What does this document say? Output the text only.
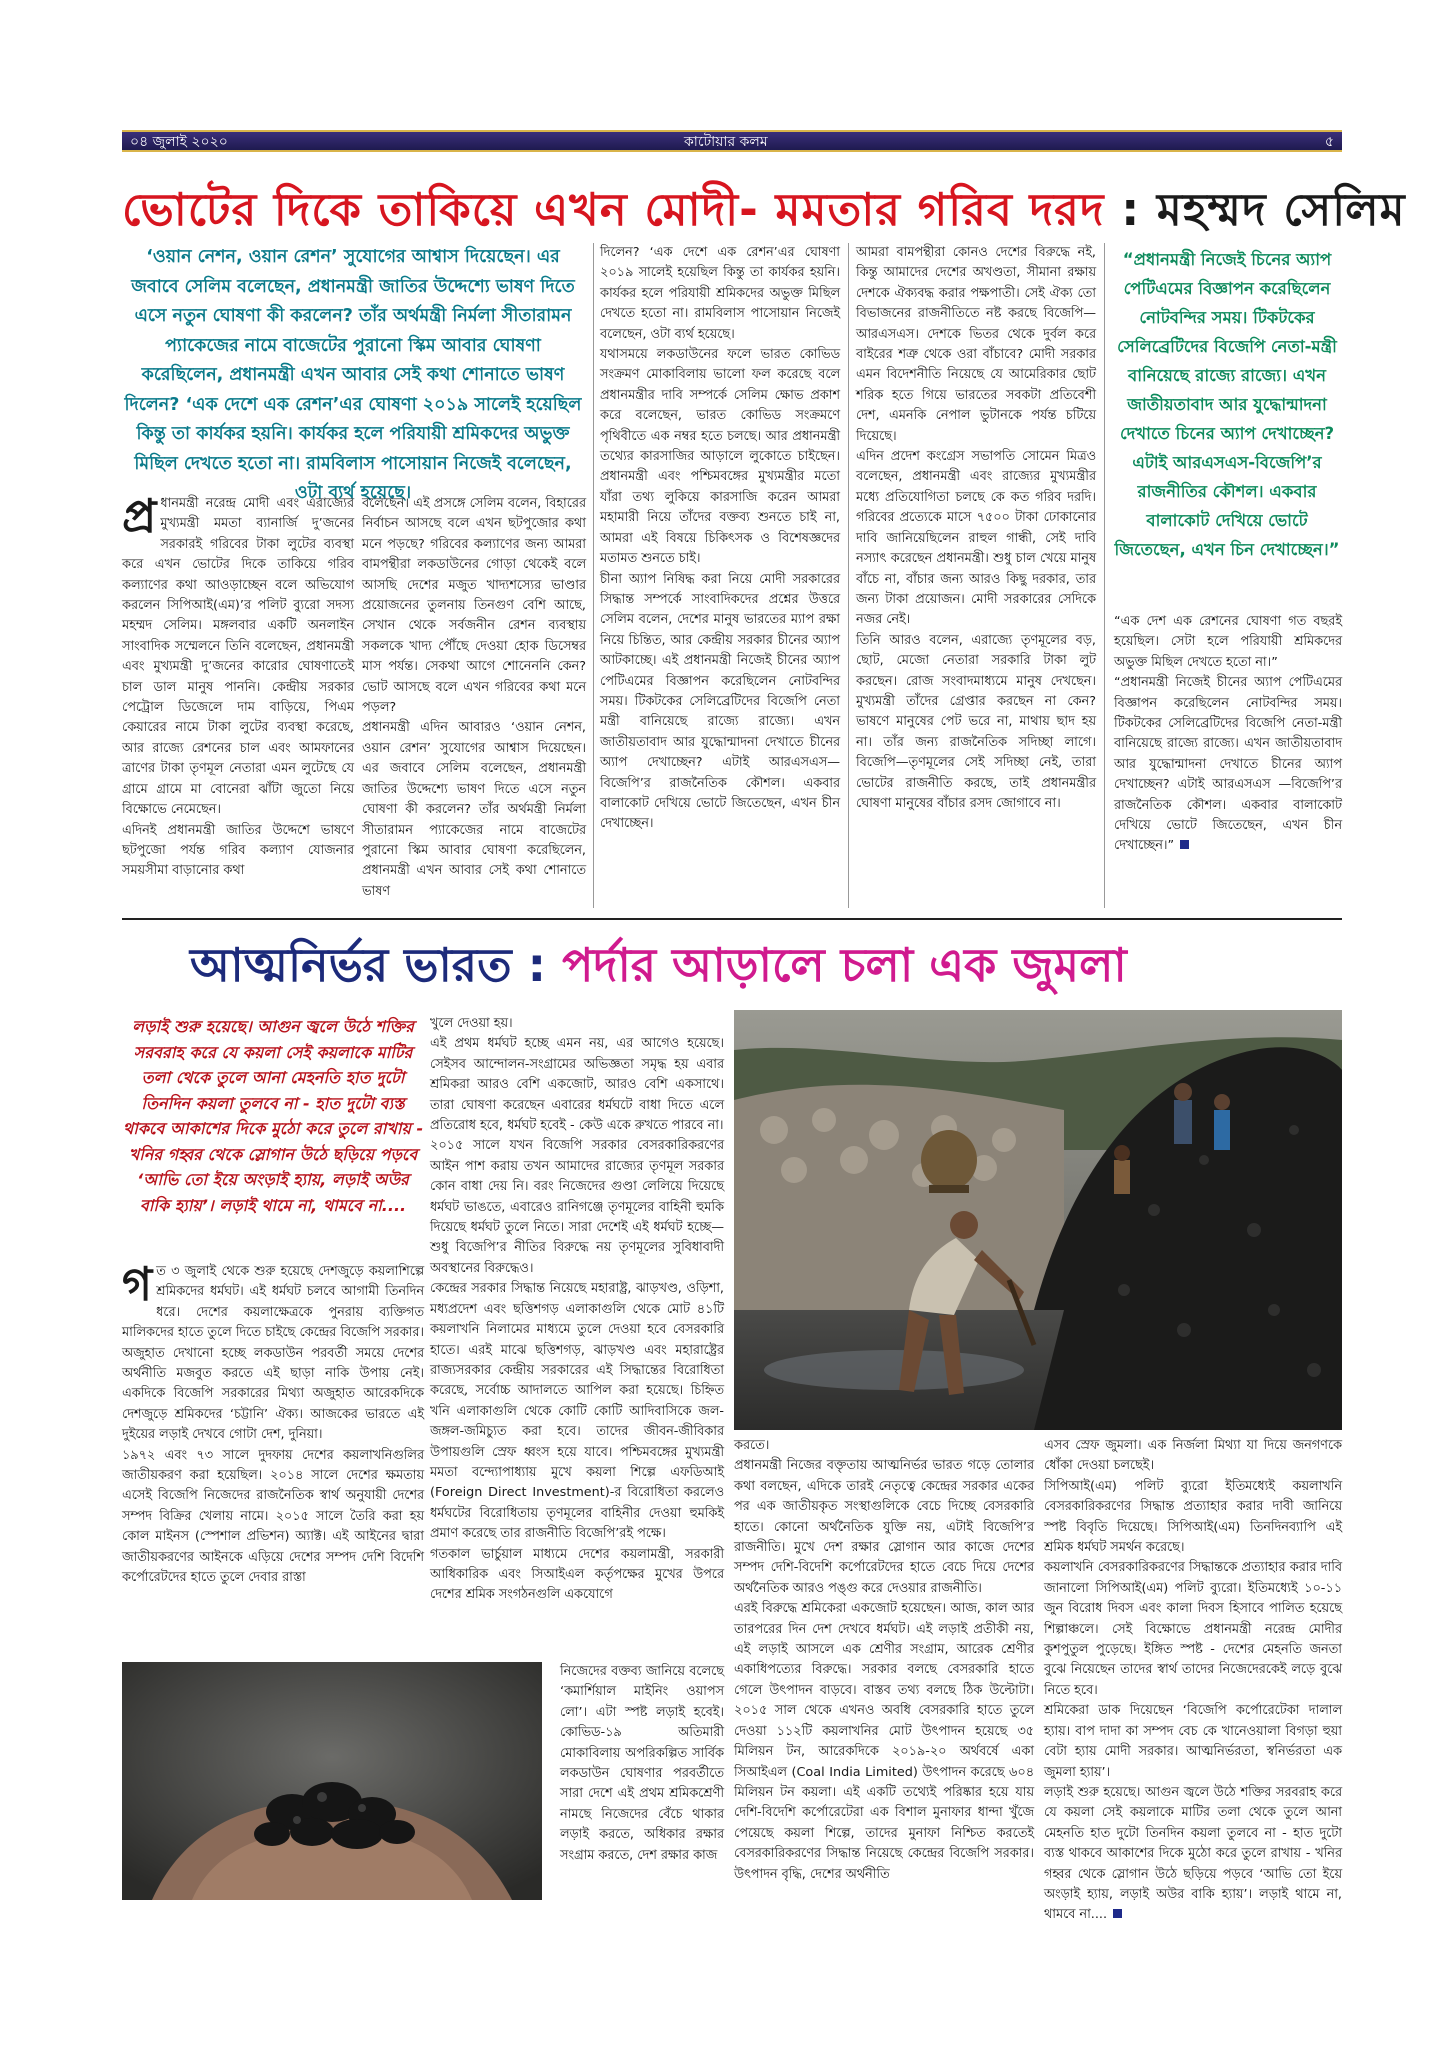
০৪ জুলাই ২০২০	কাটোয়ার কলম	৫
ভোটের দিকে তাকিয়ে এখন মোদী- মমতার গরিব দরদ : মহম্মদ সেলিম
‘ওয়ান নেশন, ওয়ান রেশন’ সুযোগের আশ্বাস দিয়েছেন। এর জবাবে সেলিম বলেছেন, প্রধানমন্ত্রী জাতির উদ্দেশ্যে ভাষণ দিতে এসে নতুন ঘোষণা কী করলেন? তাঁর অর্থমন্ত্রী নির্মলা সীতারামন প্যাকেজের নামে বাজেটের পুরানো স্কিম আবার ঘোষণা করেছিলেন, প্রধানমন্ত্রী এখন আবার সেই কথা শোনাতে ভাষণ দিলেন? ‘এক দেশে এক রেশন’এর ঘোষণা ২০১৯ সালেই হয়েছিল কিন্তু তা কার্যকর হয়নি। কার্যকর হলে পরিযায়ী শ্রমিকদের অভুক্ত মিছিল দেখতে হতো না। রামবিলাস পাসোয়ান নিজেই বলেছেন, ওটা ব্যর্থ হয়েছে।
প্র ধানমন্ত্রী নরেন্দ্র মোদী এবং এরাজ্যের মুখ্যমন্ত্রী মমতা ব্যানার্জি দু’জনের সরকারই গরিবের টাকা লুটের ব্যবস্থা করে এখন ভোটের দিকে তাকিয়ে গরিব কল্যাণের কথা আওড়াচ্ছেন বলে অভিযোগ করলেন সিপিআই(এম)’র পলিট ব্যুরো সদস্য মহম্মদ সেলিম। মঙ্গলবার একটি অনলাইন সাংবাদিক সম্মেলনে তিনি বলেছেন, প্রধানমন্ত্রী এবং মুখ্যমন্ত্রী দু’জনের কারোর ঘোষণাতেই চাল ডাল মানুষ পাননি। কেন্দ্রীয় সরকার পেট্রোল ডিজেলে দাম বাড়িয়ে, পিএম কেয়ারের নামে টাকা লুটের ব্যবস্থা করেছে, আর রাজ্যে রেশনের চাল এবং আমফানের ত্রাণের টাকা তৃণমূল নেতারা এমন লুটেছে যে গ্রামে গ্রামে মা বোনেরা ঝাঁটা জুতো নিয়ে বিক্ষোভে নেমেছেন।
এদিনই প্রধানমন্ত্রী জাতির উদ্দেশে ভাষণে ছটপুজো পর্যন্ত গরিব কল্যাণ যোজনার সময়সীমা বাড়ানোর কথা
বলেছেন। এই প্রসঙ্গে সেলিম বলেন, বিহারের নির্বাচন আসছে বলে এখন ছটপুজোর কথা মনে পড়ছে? গরিবের কল্যাণের জন্য আমরা বামপন্থীরা লকডাউনের গোড়া থেকেই বলে আসছি দেশের মজুত খাদ্যশস্যের ভাণ্ডার প্রয়োজনের তুলনায় তিনগুণ বেশি আছে, সেখান থেকে সর্বজনীন রেশন ব্যবস্থায় সকলকে খাদ্য পৌঁছে দেওয়া হোক ডিসেম্বর মাস পর্যন্ত। সেকথা আগে শোনেননি কেন? ভোট আসছে বলে এখন গরিবের কথা মনে পড়ল?
প্রধানমন্ত্রী এদিন আবারও ‘ওয়ান নেশন, ওয়ান রেশন’ সুযোগের আশ্বাস দিয়েছেন। এর জবাবে সেলিম বলেছেন, প্রধানমন্ত্রী জাতির উদ্দেশ্যে ভাষণ দিতে এসে নতুন ঘোষণা কী করলেন? তাঁর অর্থমন্ত্রী নির্মলা সীতারামন প্যাকেজের নামে বাজেটের পুরানো স্কিম আবার ঘোষণা করেছিলেন, প্রধানমন্ত্রী এখন আবার সেই কথা শোনাতে ভাষণ
দিলেন? ‘এক দেশে এক রেশন’এর ঘোষণা ২০১৯ সালেই হয়েছিল কিন্তু তা কার্যকর হয়নি। কার্যকর হলে পরিযায়ী শ্রমিকদের অভুক্ত মিছিল দেখতে হতো না। রামবিলাস পাসোয়ান নিজেই বলেছেন, ওটা ব্যর্থ হয়েছে।
যথাসময়ে লকডাউনের ফলে ভারত কোভিড সংক্রমণ মোকাবিলায় ভালো ফল করেছে বলে প্রধানমন্ত্রীর দাবি সম্পর্কে সেলিম ক্ষোভ প্রকাশ করে বলেছেন, ভারত কোভিড সংক্রমণে পৃথিবীতে এক নম্বর হতে চলছে। আর প্রধানমন্ত্রী তথ্যের কারসাজির আড়ালে লুকোতে চাইছেন। প্রধানমন্ত্রী এবং পশ্চিমবঙ্গের মুখ্যমন্ত্রীর মতো যাঁরা তথ্য লুকিয়ে কারসাজি করেন আমরা মহামারী নিয়ে তাঁদের বক্তব্য শুনতে চাই না, আমরা এই বিষয়ে চিকিৎসক ও বিশেষজ্ঞদের মতামত শুনতে চাই।
চীনা অ্যাপ নিষিদ্ধ করা নিয়ে মোদী সরকারের সিদ্ধান্ত সম্পর্কে সাংবাদিকদের প্রশ্নের উত্তরে সেলিম বলেন, দেশের মানুষ ভারতের ম্যাপ রক্ষা নিয়ে চিন্তিত, আর কেন্দ্রীয় সরকার চীনের অ্যাপ আটকাচ্ছে। এই প্রধানমন্ত্রী নিজেই চীনের অ্যাপ পেটিএমের বিজ্ঞাপন করেছিলেন নোটবন্দির সময়। টিকটকের সেলিব্রেটিদের বিজেপি নেতা মন্ত্রী বানিয়েছে রাজ্যে রাজ্যে। এখন জাতীয়তাবাদ আর যুদ্ধোন্মাদনা দেখাতে চীনের অ্যাপ দেখাচ্ছেন? এটাই আরএসএস—বিজেপি’র রাজনৈতিক কৌশল। একবার বালাকোট দেখিয়ে ভোটে জিতেছেন, এখন চীন দেখাচ্ছেন।
আমরা বামপন্থীরা কোনও দেশের বিরুদ্ধে নই, কিন্তু আমাদের দেশের অখণ্ডতা, সীমানা রক্ষায় দেশকে ঐক্যবদ্ধ করার পক্ষপাতী। সেই ঐক্য তো বিভাজনের রাজনীতিতে নষ্ট করছে বিজেপি—আরএসএস। দেশকে ভিতর থেকে দুর্বল করে বাইরের শত্রু থেকে ওরা বাঁচাবে? মোদী সরকার এমন বিদেশনীতি নিয়েছে যে আমেরিকার ছোট শরিক হতে গিয়ে ভারতের সবকটা প্রতিবেশী দেশ, এমনকি নেপাল ভুটানকে পর্যন্ত চটিয়ে দিয়েছে।
এদিন প্রদেশ কংগ্রেস সভাপতি সোমেন মিত্রও বলেছেন, প্রধানমন্ত্রী এবং রাজ্যের মুখ্যমন্ত্রীর মধ্যে প্রতিযোগিতা চলছে কে কত গরিব দরদি। গরিবের প্রত্যেকে মাসে ৭৫০০ টাকা ঢোকানোর দাবি জানিয়েছিলেন রাহুল গান্ধী, সেই দাবি নস্যাৎ করেছেন প্রধানমন্ত্রী। শুধু চাল খেয়ে মানুষ বাঁচে না, বাঁচার জন্য আরও কিছু দরকার, তার জন্য টাকা প্রয়োজন। মোদী সরকারের সেদিকে নজর নেই।
তিনি আরও বলেন, এরাজ্যে তৃণমূলের বড়, ছোট, মেজো নেতারা সরকারি টাকা লুট করছেন। রোজ সংবাদমাধ্যমে মানুষ দেখছেন। মুখ্যমন্ত্রী তাঁদের গ্রেপ্তার করছেন না কেন? ভাষণে মানুষের পেট ভরে না, মাথায় ছাদ হয় না। তাঁর জন্য রাজনৈতিক সদিচ্ছা লাগে। বিজেপি—তৃণমূলের সেই সদিচ্ছা নেই, তারা ভোটের রাজনীতি করছে, তাই প্রধানমন্ত্রীর ঘোষণা মানুষের বাঁচার রসদ জোগাবে না।
“প্রধানমন্ত্রী নিজেই চিনের অ্যাপ পেটিএমের বিজ্ঞাপন করেছিলেন নোটবন্দির সময়। টিকটকের সেলিব্রেটিদের বিজেপি নেতা-মন্ত্রী বানিয়েছে রাজ্যে রাজ্যে। এখন জাতীয়তাবাদ আর যুদ্ধোন্মাদনা দেখাতে চিনের অ্যাপ দেখাচ্ছেন? এটাই আরএসএস-বিজেপি’র রাজনীতির কৌশল। একবার বালাকোট দেখিয়ে ভোটে জিতেছেন, এখন চিন দেখাচ্ছেন।”
“এক দেশ এক রেশনের ঘোষণা গত বছরই হয়েছিল। সেটা হলে পরিযায়ী শ্রমিকদের অভুক্ত মিছিল দেখতে হতো না।”
“প্রধানমন্ত্রী নিজেই চীনের অ্যাপ পেটিএমের বিজ্ঞাপন করেছিলেন নোটবন্দির সময়। টিকটকের সেলিব্রেটিদের বিজেপি নেতা-মন্ত্রী বানিয়েছে রাজ্যে রাজ্যে। এখন জাতীয়তাবাদ আর যুদ্ধোন্মাদনা দেখাতে চীনের অ্যাপ দেখাচ্ছেন? এটাই আরএসএস —বিজেপি’র রাজনৈতিক কৌশল। একবার বালাকোট দেখিয়ে ভোটে জিতেছেন, এখন চীন দেখাচ্ছেন।”
আত্মনির্ভর ভারত : পর্দার আড়ালে চলা এক জুমলা
লড়াই শুরু হয়েছে। আগুন জ্বলে উঠে শক্তির সরবরাহ করে যে কয়লা সেই কয়লাকে মাটির তলা থেকে তুলে আনা মেহনতি হাত দুটো তিনদিন কয়লা তুলবে না - হাত দুটো ব্যস্ত থাকবে আকাশের দিকে মুঠো করে তুলে রাখায় - খনির গহ্বর থেকে স্লোগান উঠে ছড়িয়ে পড়বে ‘আভি তো ইয়ে অংড়াই হ্যায়, লড়াই অউর বাকি হ্যায়’। লড়াই থামে না, থামবে না....
গত ৩ জুলাই থেকে শুরু হয়েছে দেশজুড়ে কয়লাশিল্পে শ্রমিকদের ধর্মঘট। এই ধর্মঘট চলবে আগামী তিনদিন ধরে। দেশের কয়লাক্ষেত্রকে পুনরায় ব্যক্তিগত মালিকদের হাতে তুলে দিতে চাইছে কেন্দ্রের বিজেপি সরকার। অজুহাত দেখানো হচ্ছে লকডাউন পরবর্তী সময়ে দেশের অর্থনীতি মজবুত করতে এই ছাড়া নাকি উপায় নেই। একদিকে বিজেপি সরকারের মিথ্যা অজুহাত আরেকদিকে দেশজুড়ে শ্রমিকদের ‘চট্টানি’ ঐক্য। আজকের ভারতে এই দুইয়ের লড়াই দেখবে গোটা দেশ, দুনিয়া।
১৯৭২ এবং ৭৩ সালে দুদফায় দেশের কয়লাখনিগুলির জাতীয়করণ করা হয়েছিল। ২০১৪ সালে দেশের ক্ষমতায় এসেই বিজেপি নিজেদের রাজনৈতিক স্বার্থ অনুযায়ী দেশের সম্পদ বিক্রির খেলায় নামে। ২০১৫ সালে তৈরি করা হয় কোল মাইনস (স্পেশাল প্রভিশন) অ্যাক্ট। এই আইনের দ্বারা জাতীয়করণের আইনকে এড়িয়ে দেশের সম্পদ দেশি বিদেশি কর্পোরেটদের হাতে তুলে দেবার রাস্তা
খুলে দেওয়া হয়।
এই প্রথম ধর্মঘট হচ্ছে এমন নয়, এর আগেও হয়েছে। সেইসব আন্দোলন-সংগ্রামের অভিজ্ঞতা সমৃদ্ধ হয় এবার শ্রমিকরা আরও বেশি একজোট, আরও বেশি একসাথে। তারা ঘোষণা করেছেন এবারের ধর্মঘটে বাধা দিতে এলে প্রতিরোধ হবে, ধর্মঘট হবেই - কেউ একে রুখতে পারবে না।
২০১৫ সালে যখন বিজেপি সরকার বেসরকারিকরণের আইন পাশ করায় তখন আমাদের রাজ্যের তৃণমূল সরকার কোন বাধা দেয় নি। বরং নিজেদের গুণ্ডা লেলিয়ে দিয়েছে ধর্মঘট ভাঙতে, এবারেও রানিগঞ্জে তৃণমূলের বাহিনী হুমকি দিয়েছে ধর্মঘট তুলে নিতে। সারা দেশেই এই ধর্মঘট হচ্ছে—শুধু বিজেপি’র নীতির বিরুদ্ধে নয় তৃণমূলের সুবিধাবাদী অবস্থানের বিরুদ্ধেও।
কেন্দ্রের সরকার সিদ্ধান্ত নিয়েছে মহারাষ্ট্র, ঝাড়খণ্ড, ওড়িশা, মধ্যপ্রদেশ এবং ছত্তিশগড় এলাকাগুলি থেকে মোট ৪১টি কয়লাখনি নিলামের মাধ্যমে তুলে দেওয়া হবে বেসরকারি হাতে। এরই মাঝে ছত্তিশগড়, ঝাড়খণ্ড এবং মহারাষ্ট্রের রাজ্যসরকার কেন্দ্রীয় সরকারের এই সিদ্ধান্তের বিরোধিতা করেছে, সর্বোচ্চ আদালতে আপিল করা হয়েছে। চিহ্নিত খনি এলাকাগুলি থেকে কোটি কোটি আদিবাসিকে জল-জঙ্গল-জমিচ্যুত করা হবে। তাদের জীবন-জীবিকার উপায়গুলি স্রেফ ধ্বংস হয়ে যাবে। পশ্চিমবঙ্গের মুখ্যমন্ত্রী মমতা বন্দ্যোপাধ্যায় মুখে কয়লা শিল্পে এফডিআই (Foreign Direct Investment)-র বিরোধিতা করলেও ধর্মঘটের বিরোধিতায় তৃণমূলের বাহিনীর দেওয়া হুমকিই প্রমাণ করেছে তার রাজনীতি বিজেপি’রই পক্ষে।
গতকাল ভার্চুয়াল মাধ্যমে দেশের কয়লামন্ত্রী, সরকারী আধিকারিক এবং সিআইএল কর্তৃপক্ষের মুখের উপরে দেশের শ্রমিক সংগঠনগুলি একযোগে
নিজেদের বক্তব্য জানিয়ে বলেছে ‘কমার্শিয়াল মাইনিং ওয়াপস লো’। এটা স্পষ্ট লড়াই হবেই। কোভিড-১৯ অতিমারী মোকাবিলায় অপরিকল্পিত সার্বিক লকডাউন ঘোষণার পরবর্তীতে সারা দেশে এই প্রথম শ্রমিকশ্রেণী নামছে নিজেদের বেঁচে থাকার লড়াই করতে, অধিকার রক্ষার সংগ্রাম করতে, দেশ রক্ষার কাজ
করতে।
প্রধানমন্ত্রী নিজের বক্তৃতায় আত্মনির্ভর ভারত গড়ে তোলার কথা বলছেন, এদিকে তারই নেতৃত্বে কেন্দ্রের সরকার একের পর এক জাতীয়কৃত সংস্থাগুলিকে বেচে দিচ্ছে বেসরকারি হাতে। কোনো অর্থনৈতিক যুক্তি নয়, এটাই বিজেপি’র রাজনীতি। মুখে দেশ রক্ষার স্লোগান আর কাজে দেশের সম্পদ দেশি-বিদেশি কর্পোরেটদের হাতে বেচে দিয়ে দেশের অর্থনৈতিক আরও পঙ্গু করে দেওয়ার রাজনীতি।
এরই বিরুদ্ধে শ্রমিকেরা একজোট হয়েছেন। আজ, কাল আর তারপরের দিন দেশ দেখবে ধর্মঘট। এই লড়াই প্রতীকী নয়, এই লড়াই আসলে এক শ্রেণীর সংগ্রাম, আরেক শ্রেণীর একাধিপত্যের বিরুদ্ধে। সরকার বলছে বেসরকারি হাতে গেলে উৎপাদন বাড়বে। বাস্তব তথ্য বলছে ঠিক উল্টোটা। ২০১৫ সাল থেকে এখনও অবধি বেসরকারি হাতে তুলে দেওয়া ১১২টি কয়লাখনির মোট উৎপাদন হয়েছে ৩৫ মিলিয়ন টন, আরেকদিকে ২০১৯-২০ অর্থবর্ষে একা সিআইএল (Coal India Limited) উৎপাদন করেছে ৬০৪ মিলিয়ন টন কয়লা। এই একটি তথ্যেই পরিষ্কার হয়ে যায় দেশি-বিদেশি কর্পোরেটেরা এক বিশাল মুনাফার ধান্দা খুঁজে পেয়েছে কয়লা শিল্পে, তাদের মুনাফা নিশ্চিত করতেই বেসরকারিকরণের সিদ্ধান্ত নিয়েছে কেন্দ্রের বিজেপি সরকার। উৎপাদন বৃদ্ধি, দেশের অর্থনীতি
এসব স্রেফ জুমলা। এক নির্জলা মিথ্যা যা দিয়ে জনগণকে ধোঁকা দেওয়া চলছেই।
সিপিআই(এম) পলিট ব্যুরো ইতিমধ্যেই কয়লাখনি বেসরকারিকরণের সিদ্ধান্ত প্রত্যাহার করার দাবী জানিয়ে স্পষ্ট বিবৃতি দিয়েছে। সিপিআই(এম) তিনদিনব্যাপি এই শ্রমিক ধর্মঘট সমর্থন করেছে।
কয়লাখনি বেসরকারিকরণের সিদ্ধান্তকে প্রত্যাহার করার দাবি জানালো সিপিআই(এম) পলিট ব্যুরো। ইতিমধ্যেই ১০-১১ জুন বিরোধ দিবস এবং কালা দিবস হিসাবে পালিত হয়েছে শিল্পাঞ্চলে। সেই বিক্ষোভে প্রধানমন্ত্রী নরেন্দ্র মোদীর কুশপুতুল পুড়েছে। ইঙ্গিত স্পষ্ট - দেশের মেহনতি জনতা বুঝে নিয়েছেন তাদের স্বার্থ তাদের নিজেদেরকেই লড়ে বুঝে নিতে হবে।
শ্রমিকেরা ডাক দিয়েছেন ‘বিজেপি কর্পোরেটেকা দালাল হ্যায়। বাপ দাদা কা সম্পদ বেচ কে খানেওয়ালা বিগড়া হুয়া বেটা হ্যায় মোদী সরকার। আত্মনির্ভরতা, স্বনির্ভরতা এক জুমলা হ্যায়’।
লড়াই শুরু হয়েছে। আগুন জ্বলে উঠে শক্তির সরবরাহ করে যে কয়লা সেই কয়লাকে মাটির তলা থেকে তুলে আনা মেহনতি হাত দুটো তিনদিন কয়লা তুলবে না - হাত দুটো ব্যস্ত থাকবে আকাশের দিকে মুঠো করে তুলে রাখায় - খনির গহ্বর থেকে স্লোগান উঠে ছড়িয়ে পড়বে ‘আভি তো ইয়ে অংড়াই হ্যায়, লড়াই অউর বাকি হ্যায়’। লড়াই থামে না, থামবে না....
